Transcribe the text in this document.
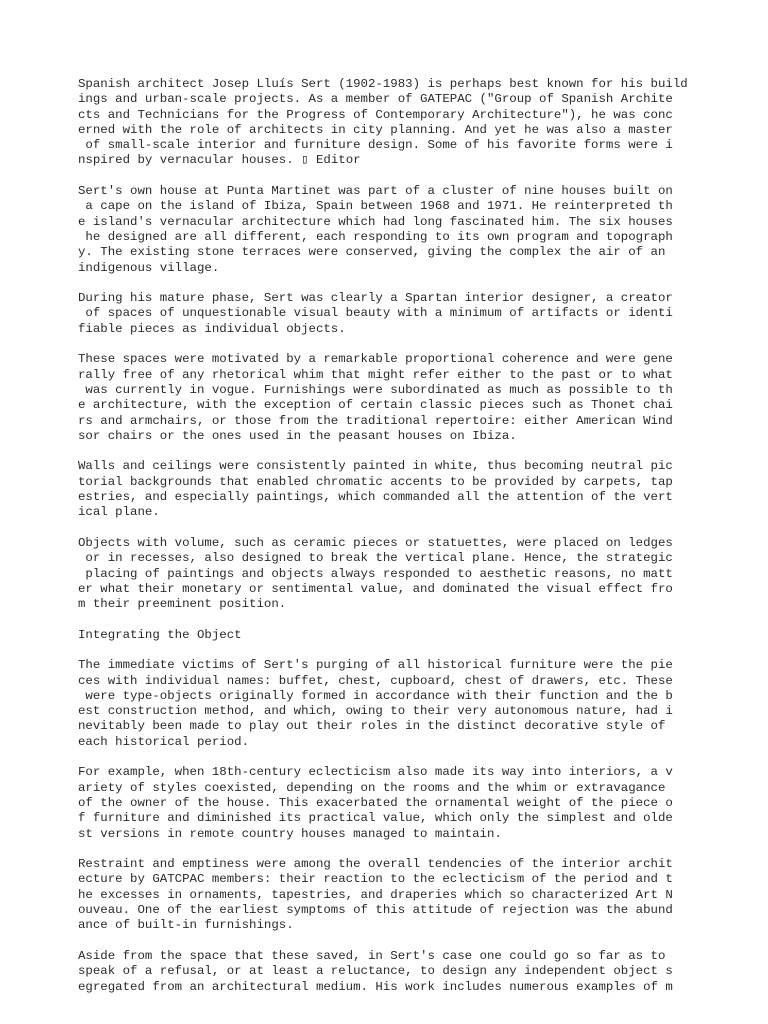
Spanish architect Josep Lluís Sert (1902-1983) is perhaps best known for his build
ings and urban-scale projects. As a member of GATEPAC ("Group of Spanish Archite
cts and Technicians for the Progress of Contemporary Architecture"), he was conc
erned with the role of architects in city planning. And yet he was also a master
of small-scale interior and furniture design. Some of his favorite forms were i
nspired by vernacular houses. ▯ Editor
Sert's own house at Punta Martinet was part of a cluster of nine houses built on
a cape on the island of Ibiza, Spain between 1968 and 1971. He reinterpreted th
e island's vernacular architecture which had long fascinated him. The six houses
he designed are all different, each responding to its own program and topograph
y. The existing stone terraces were conserved, giving the complex the air of an
indigenous village.
During his mature phase, Sert was clearly a Spartan interior designer, a creator
of spaces of unquestionable visual beauty with a minimum of artifacts or identi
fiable pieces as individual objects.
These spaces were motivated by a remarkable proportional coherence and were gene
rally free of any rhetorical whim that might refer either to the past or to what
was currently in vogue. Furnishings were subordinated as much as possible to th
e architecture, with the exception of certain classic pieces such as Thonet chai
rs and armchairs, or those from the traditional repertoire: either American Wind
sor chairs or the ones used in the peasant houses on Ibiza.
Walls and ceilings were consistently painted in white, thus becoming neutral pic
torial backgrounds that enabled chromatic accents to be provided by carpets, tap
estries, and especially paintings, which commanded all the attention of the vert
ical plane.
Objects with volume, such as ceramic pieces or statuettes, were placed on ledges
or in recesses, also designed to break the vertical plane. Hence, the strategic
placing of paintings and objects always responded to aesthetic reasons, no matt
er what their monetary or sentimental value, and dominated the visual effect fro
m their preeminent position.
Integrating the Object
The immediate victims of Sert's purging of all historical furniture were the pie
ces with individual names: buffet, chest, cupboard, chest of drawers, etc. These
were type-objects originally formed in accordance with their function and the b
est construction method, and which, owing to their very autonomous nature, had i
nevitably been made to play out their roles in the distinct decorative style of
each historical period.
For example, when 18th-century eclecticism also made its way into interiors, a v
ariety of styles coexisted, depending on the rooms and the whim or extravagance
of the owner of the house. This exacerbated the ornamental weight of the piece o
f furniture and diminished its practical value, which only the simplest and olde
st versions in remote country houses managed to maintain.
Restraint and emptiness were among the overall tendencies of the interior archit
ecture by GATCPAC members: their reaction to the eclecticism of the period and t
he excesses in ornaments, tapestries, and draperies which so characterized Art N
ouveau. One of the earliest symptoms of this attitude of rejection was the abund
ance of built-in furnishings.
Aside from the space that these saved, in Sert's case one could go so far as to
speak of a refusal, or at least a reluctance, to design any independent object s
egregated from an architectural medium. His work includes numerous examples of m
